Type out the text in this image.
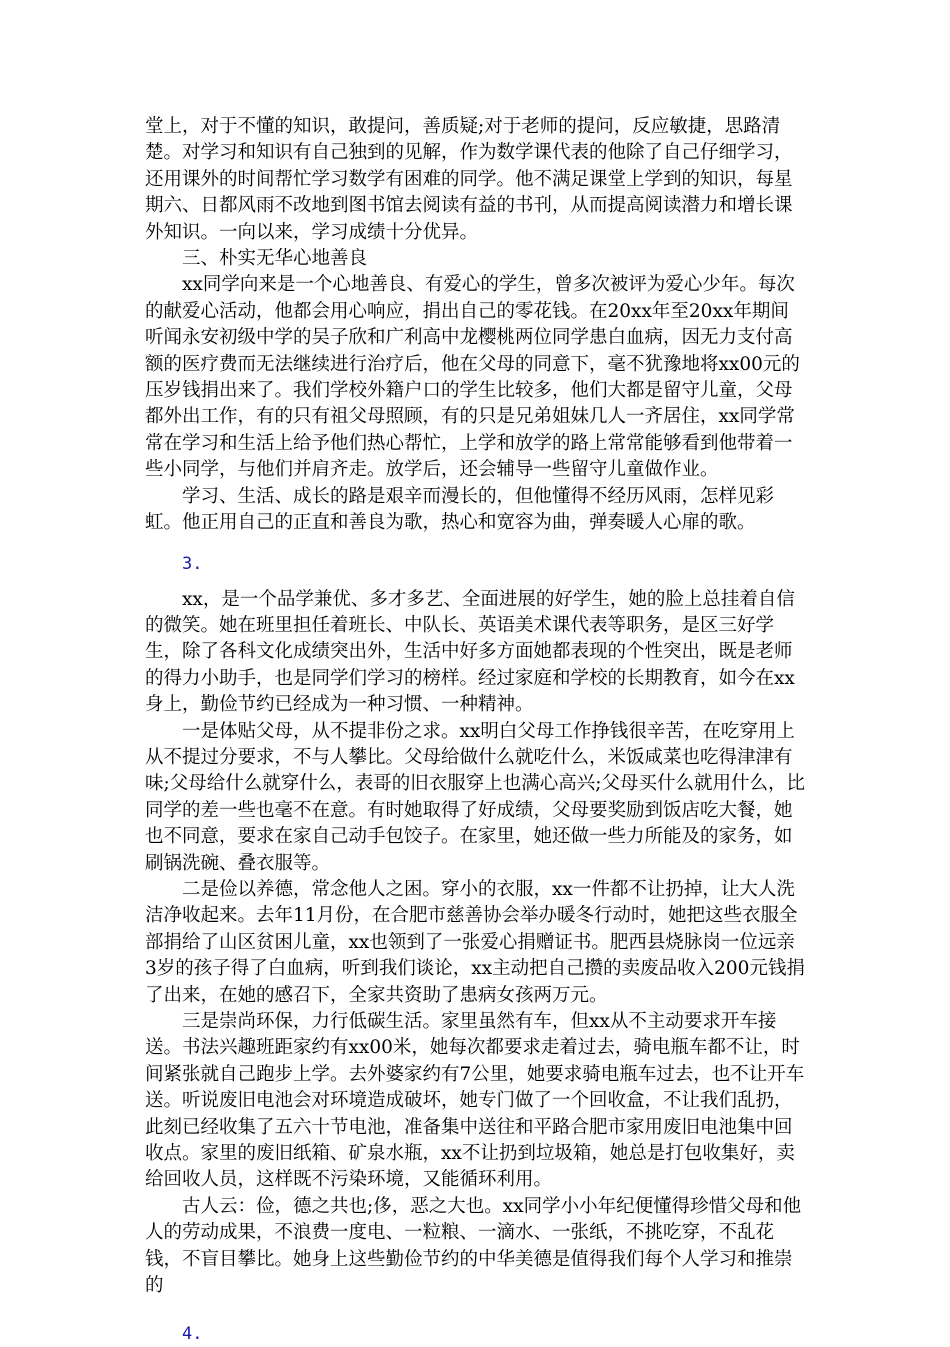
堂上，对于不懂的知识，敢提问，善质疑;对于老师的提问，反应敏捷，思路清楚。对学习和知识有自己独到的见解，作为数学课代表的他除了自己仔细学习，还用课外的时间帮忙学习数学有困难的同学。他不满足课堂上学到的知识，每星期六、日都风雨不改地到图书馆去阅读有益的书刊，从而提高阅读潜力和增长课外知识。一向以来，学习成绩十分优异。

三、朴实无华心地善良

xx同学向来是一个心地善良、有爱心的学生，曾多次被评为爱心少年。每次的献爱心活动，他都会用心响应，捐出自己的零花钱。在20xx年至20xx年期间听闻永安初级中学的吴子欣和广利高中龙樱桃两位同学患白血病，因无力支付高额的医疗费而无法继续进行治疗后，他在父母的同意下，毫不犹豫地将xx00元的压岁钱捐出来了。我们学校外籍户口的学生比较多，他们大都是留守儿童，父母都外出工作，有的只有祖父母照顾，有的只是兄弟姐妹几人一齐居住，xx同学常常在学习和生活上给予他们热心帮忙，上学和放学的路上常常能够看到他带着一些小同学，与他们并肩齐走。放学后，还会辅导一些留守儿童做作业。

学习、生活、成长的路是艰辛而漫长的，但他懂得不经历风雨，怎样见彩虹。他正用自己的正直和善良为歌，热心和宽容为曲，弹奏暖人心扉的歌。

3.

xx，是一个品学兼优、多才多艺、全面进展的好学生，她的脸上总挂着自信的微笑。她在班里担任着班长、中队长、英语美术课代表等职务，是区三好学生，除了各科文化成绩突出外，生活中好多方面她都表现的个性突出，既是老师的得力小助手，也是同学们学习的榜样。经过家庭和学校的长期教育，如今在xx身上，勤俭节约已经成为一种习惯、一种精神。

一是体贴父母，从不提非份之求。xx明白父母工作挣钱很辛苦，在吃穿用上从不提过分要求，不与人攀比。父母给做什么就吃什么，米饭咸菜也吃得津津有味;父母给什么就穿什么，表哥的旧衣服穿上也满心高兴;父母买什么就用什么，比同学的差一些也毫不在意。有时她取得了好成绩，父母要奖励到饭店吃大餐，她也不同意，要求在家自己动手包饺子。在家里，她还做一些力所能及的家务，如刷锅洗碗、叠衣服等。

二是俭以养德，常念他人之困。穿小的衣服，xx一件都不让扔掉，让大人洗洁净收起来。去年11月份，在合肥市慈善协会举办暖冬行动时，她把这些衣服全部捐给了山区贫困儿童，xx也领到了一张爱心捐赠证书。肥西县烧脉岗一位远亲3岁的孩子得了白血病，听到我们谈论，xx主动把自己攒的卖废品收入200元钱捐了出来，在她的感召下，全家共资助了患病女孩两万元。

三是崇尚环保，力行低碳生活。家里虽然有车，但xx从不主动要求开车接送。书法兴趣班距家约有xx00米，她每次都要求走着过去，骑电瓶车都不让，时间紧张就自己跑步上学。去外婆家约有7公里，她要求骑电瓶车过去，也不让开车送。听说废旧电池会对环境造成破坏，她专门做了一个回收盒，不让我们乱扔，此刻已经收集了五六十节电池，准备集中送往和平路合肥市家用废旧电池集中回收点。家里的废旧纸箱、矿泉水瓶，xx不让扔到垃圾箱，她总是打包收集好，卖给回收人员，这样既不污染环境，又能循环利用。

古人云：俭，德之共也;侈，恶之大也。xx同学小小年纪便懂得珍惜父母和他人的劳动成果，不浪费一度电、一粒粮、一滴水、一张纸，不挑吃穿，不乱花钱，不盲目攀比。她身上这些勤俭节约的中华美德是值得我们每个人学习和推崇的

4.
